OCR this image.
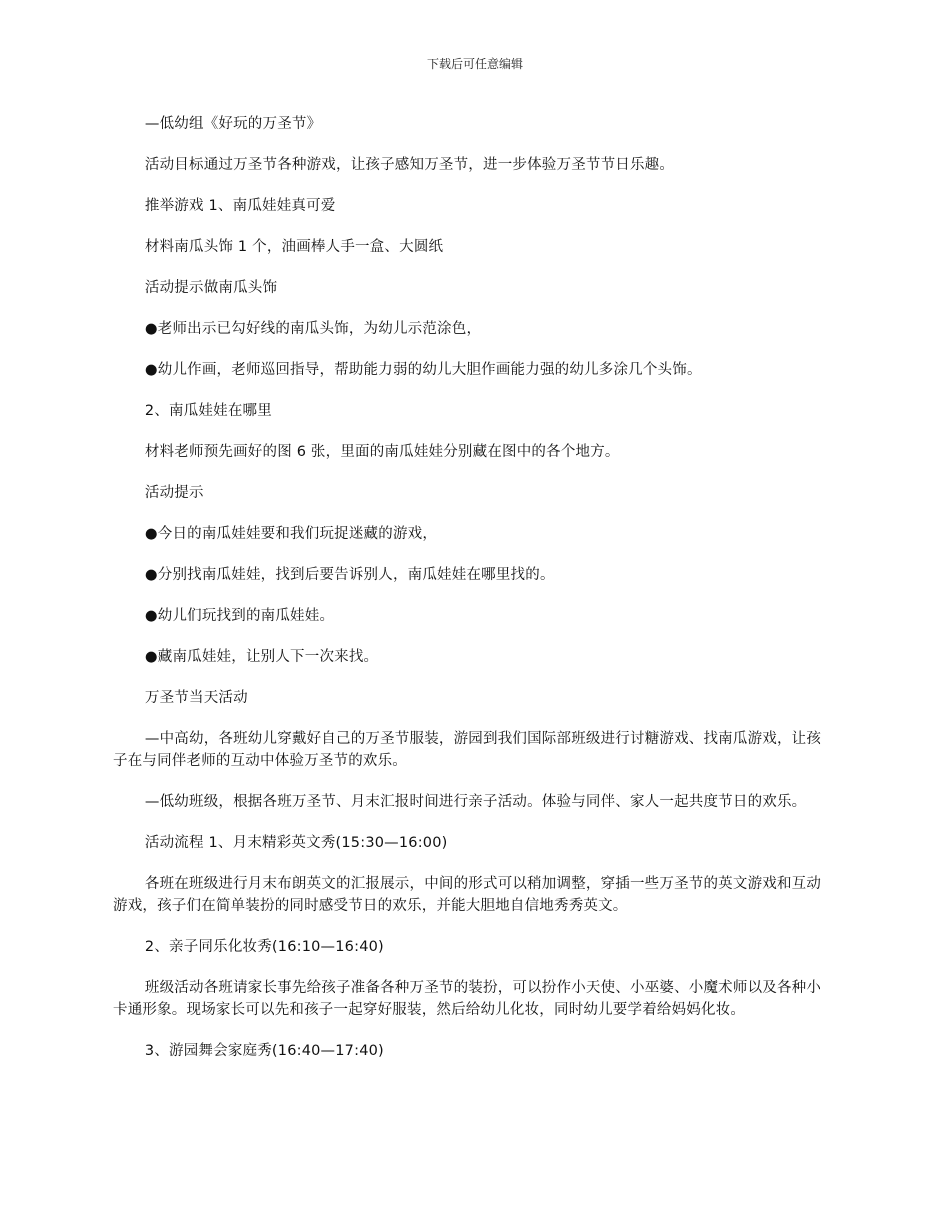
下载后可任意编辑

—低幼组《好玩的万圣节》

活动目标通过万圣节各种游戏，让孩子感知万圣节，进一步体验万圣节节日乐趣。

推举游戏 1、南瓜娃娃真可爱

材料南瓜头饰 1 个，油画棒人手一盒、大圆纸

活动提示做南瓜头饰

●老师出示已勾好线的南瓜头饰，为幼儿示范涂色，

●幼儿作画，老师巡回指导，帮助能力弱的幼儿大胆作画能力强的幼儿多涂几个头饰。

2、南瓜娃娃在哪里

材料老师预先画好的图 6 张，里面的南瓜娃娃分别藏在图中的各个地方。

活动提示

●今日的南瓜娃娃要和我们玩捉迷藏的游戏，

●分别找南瓜娃娃，找到后要告诉别人，南瓜娃娃在哪里找的。

●幼儿们玩找到的南瓜娃娃。

●藏南瓜娃娃，让别人下一次来找。

万圣节当天活动

—中高幼，各班幼儿穿戴好自己的万圣节服装，游园到我们国际部班级进行讨糖游戏、找南瓜游戏，让孩子在与同伴老师的互动中体验万圣节的欢乐。

—低幼班级，根据各班万圣节、月末汇报时间进行亲子活动。体验与同伴、家人一起共度节日的欢乐。

活动流程 1、月末精彩英文秀(15:30—16:00)

各班在班级进行月末布朗英文的汇报展示，中间的形式可以稍加调整，穿插一些万圣节的英文游戏和互动游戏，孩子们在简单装扮的同时感受节日的欢乐，并能大胆地自信地秀秀英文。

2、亲子同乐化妆秀(16:10—16:40)

班级活动各班请家长事先给孩子准备各种万圣节的装扮，可以扮作小天使、小巫婆、小魔术师以及各种小卡通形象。现场家长可以先和孩子一起穿好服装，然后给幼儿化妆，同时幼儿要学着给妈妈化妆。

3、游园舞会家庭秀(16:40—17:40)
